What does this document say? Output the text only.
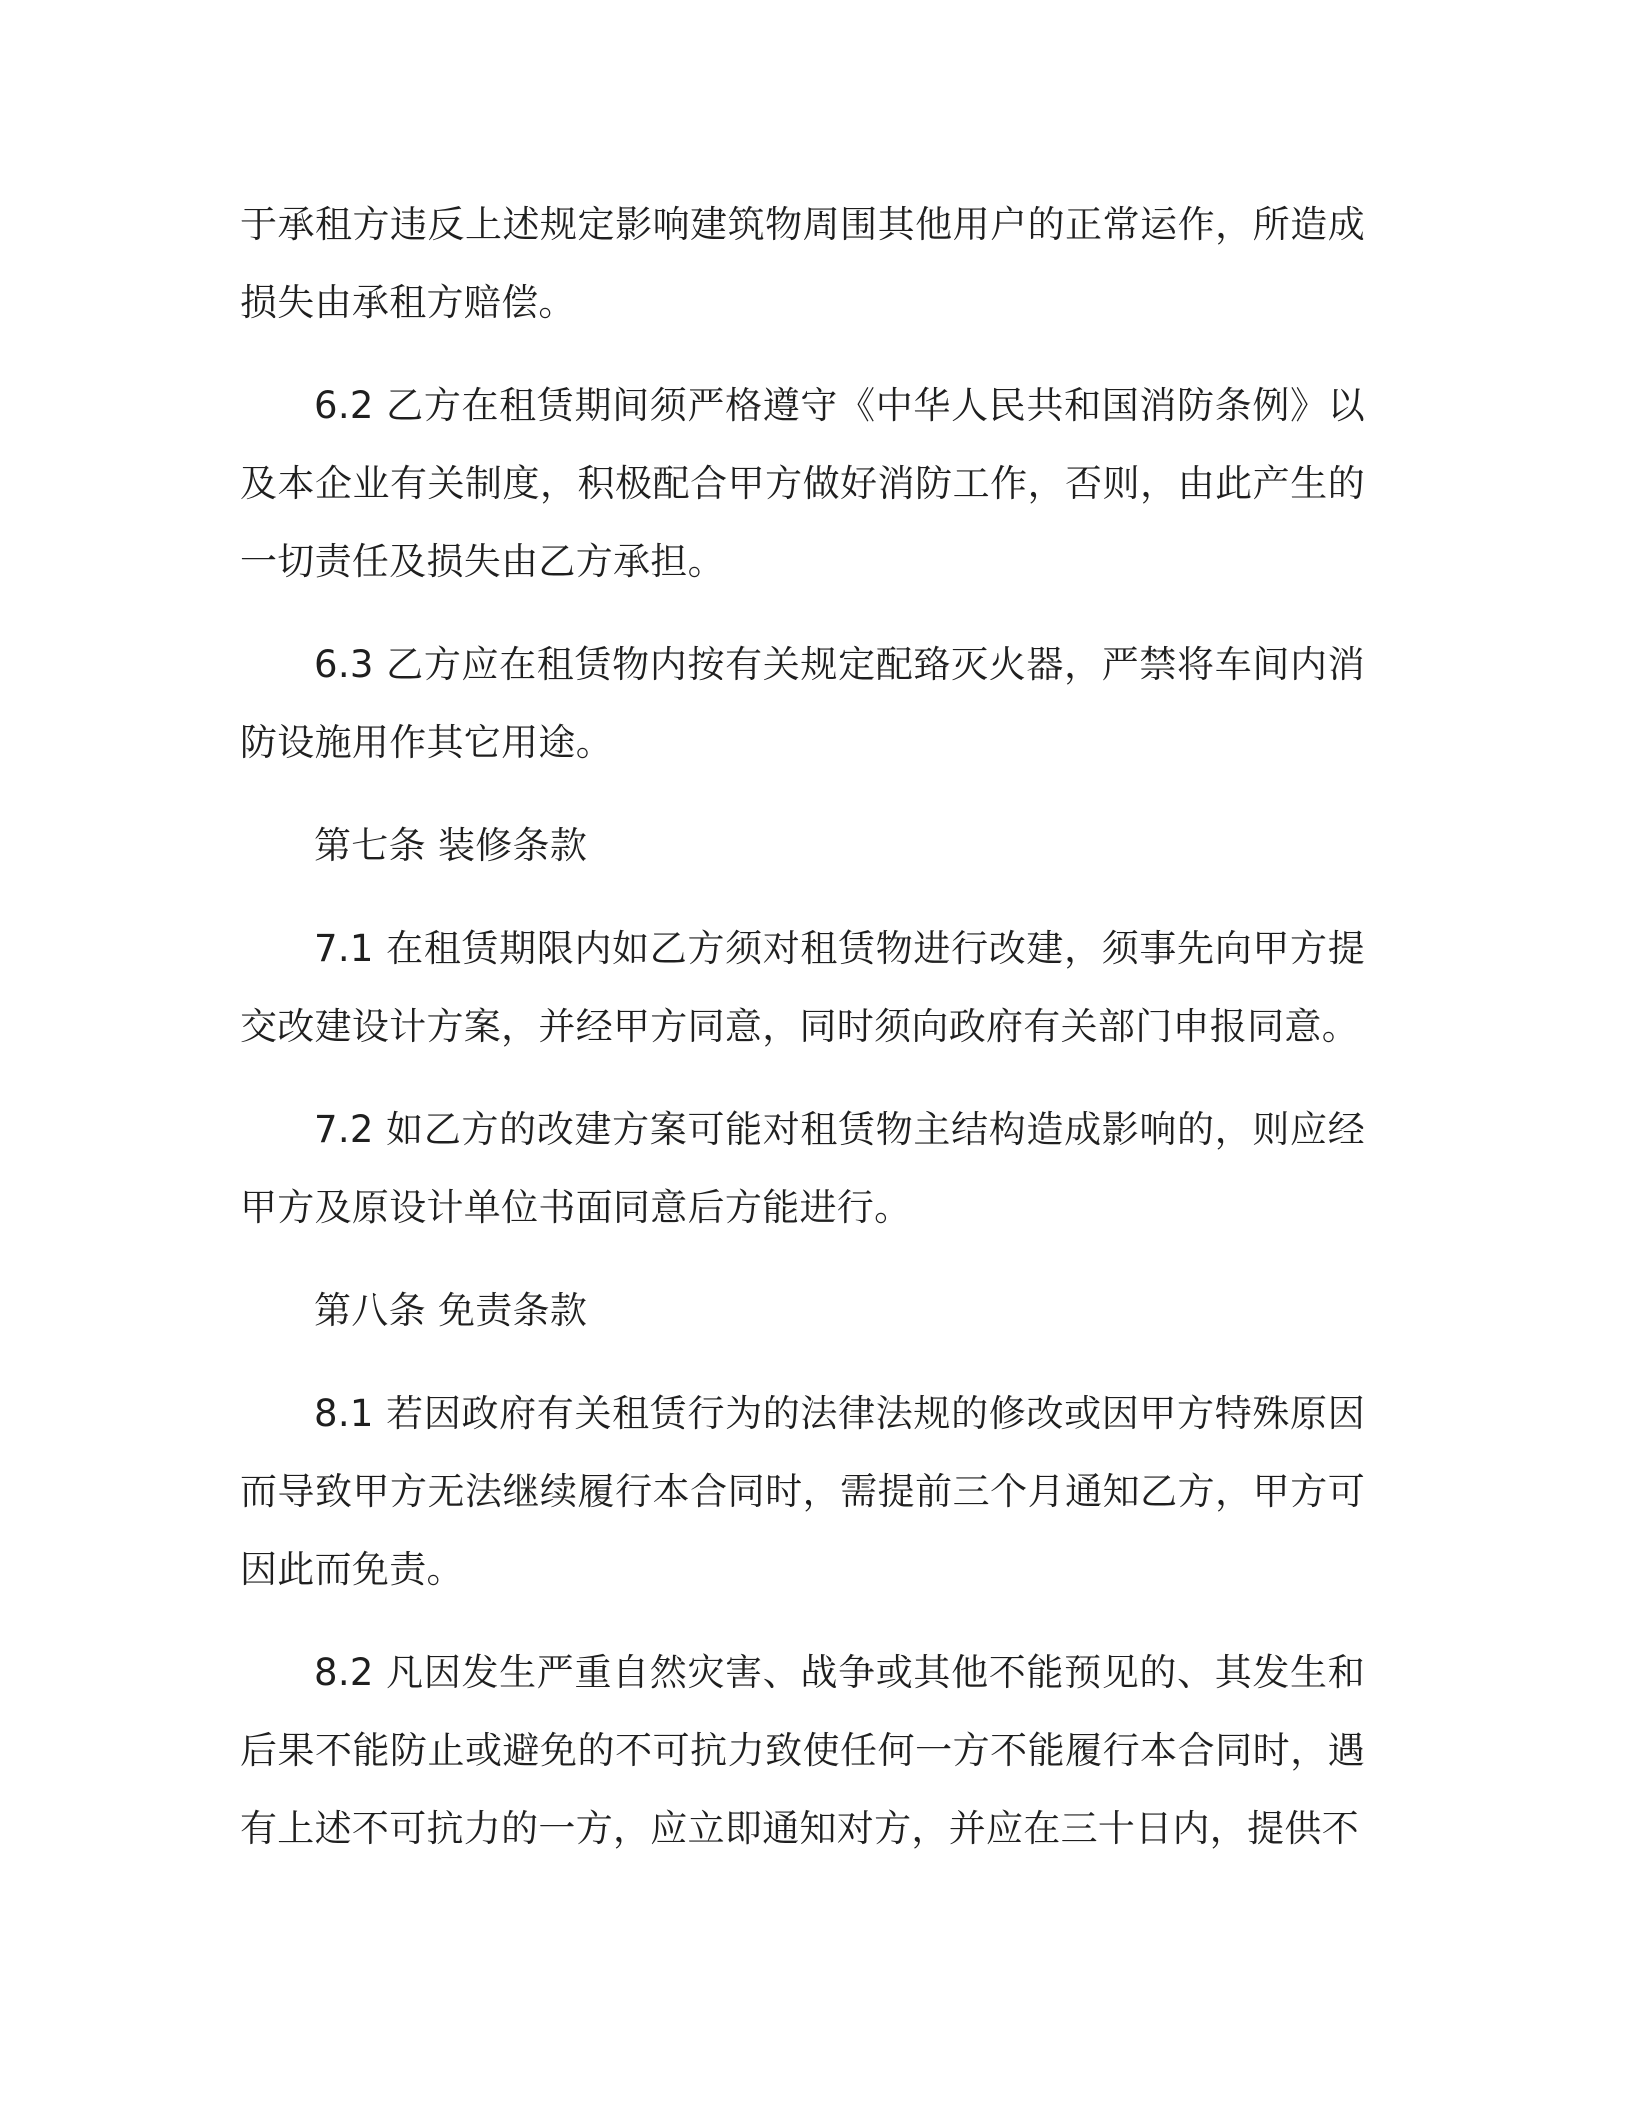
于承租方违反上述规定影响建筑物周围其他用户的正常运作，所造成损失由承租方赔偿。

6.2 乙方在租赁期间须严格遵守《中华人民共和国消防条例》以及本企业有关制度，积极配合甲方做好消防工作，否则，由此产生的一切责任及损失由乙方承担。

6.3 乙方应在租赁物内按有关规定配臵灭火器，严禁将车间内消防设施用作其它用途。

第七条 装修条款

7.1 在租赁期限内如乙方须对租赁物进行改建，须事先向甲方提交改建设计方案，并经甲方同意，同时须向政府有关部门申报同意。

7.2 如乙方的改建方案可能对租赁物主结构造成影响的，则应经甲方及原设计单位书面同意后方能进行。

第八条 免责条款

8.1 若因政府有关租赁行为的法律法规的修改或因甲方特殊原因而导致甲方无法继续履行本合同时，需提前三个月通知乙方，甲方可因此而免责。

8.2 凡因发生严重自然灾害、战争或其他不能预见的、其发生和后果不能防止或避免的不可抗力致使任何一方不能履行本合同时，遇有上述不可抗力的一方，应立即通知对方，并应在三十日内，提供不
